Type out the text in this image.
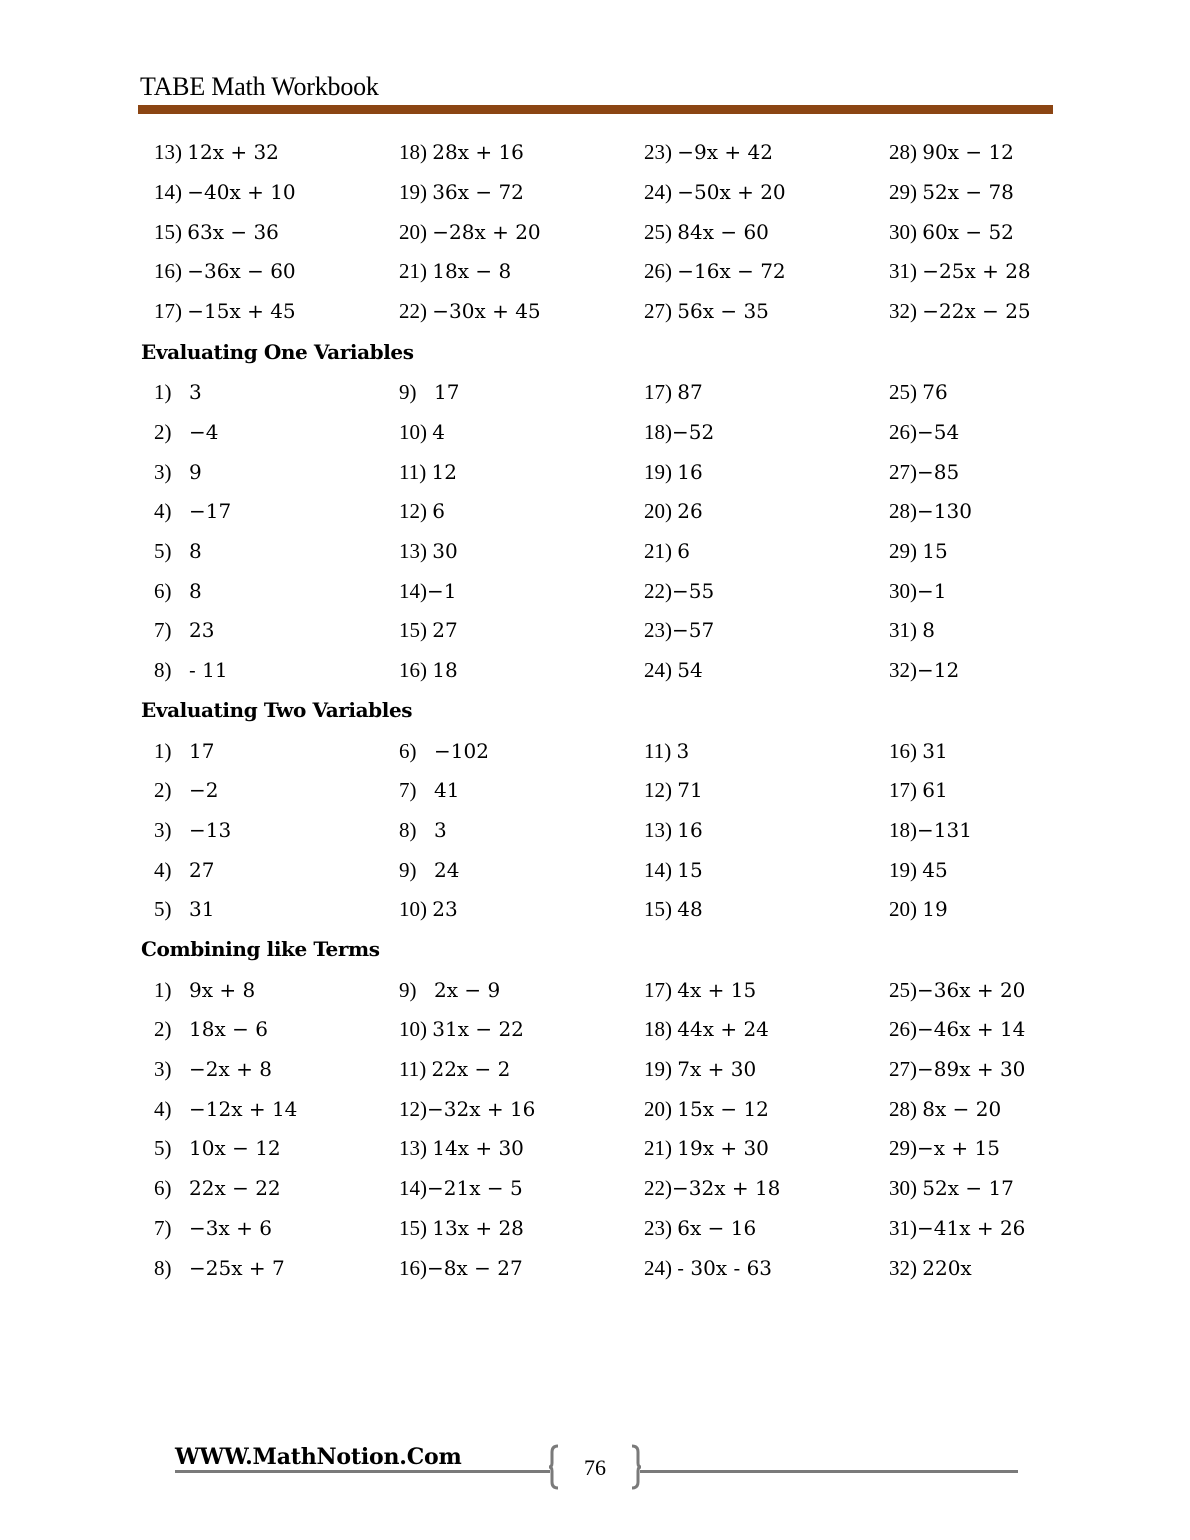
TABE Math Workbook
13) 12x + 32	18) 28x + 16	23) −9x + 42	28) 90x − 12
14) −40x + 10	19) 36x − 72	24) −50x + 20	29) 52x − 78
15) 63x − 36	20) −28x + 20	25) 84x − 60	30) 60x − 52
16) −36x − 60	21) 18x − 8	26) −16x − 72	31) −25x + 28
17) −15x + 45	22) −30x + 45	27) 56x − 35	32) −22x − 25
Evaluating One Variables
1) 3	9) 17	17) 87	25) 76
2) −4	10) 4	18)−52	26)−54
3) 9	11) 12	19) 16	27)−85
4) −17	12) 6	20) 26	28)−130
5) 8	13) 30	21) 6	29) 15
6) 8	14)−1	22)−55	30)−1
7) 23	15) 27	23)−57	31) 8
8) - 11	16) 18	24) 54	32)−12
Evaluating Two Variables
1) 17	6) −102	11) 3	16) 31
2) −2	7) 41	12) 71	17) 61
3) −13	8) 3	13) 16	18)−131
4) 27	9) 24	14) 15	19) 45
5) 31	10) 23	15) 48	20) 19
Combining like Terms
1) 9x + 8	9) 2x − 9	17) 4x + 15	25)−36x + 20
2) 18x − 6	10) 31x − 22	18) 44x + 24	26)−46x + 14
3) −2x + 8	11) 22x − 2	19) 7x + 30	27)−89x + 30
4) −12x + 14	12)−32x + 16	20) 15x − 12	28) 8x − 20
5) 10x − 12	13) 14x + 30	21) 19x + 30	29)−x + 15
6) 22x − 22	14)−21x − 5	22)−32x + 18	30) 52x − 17
7) −3x + 6	15) 13x + 28	23) 6x − 16	31)−41x + 26
8) −25x + 7	16)−8x − 27	24) - 30x - 63	32) 220x
WWW.MathNotion.Com	76
